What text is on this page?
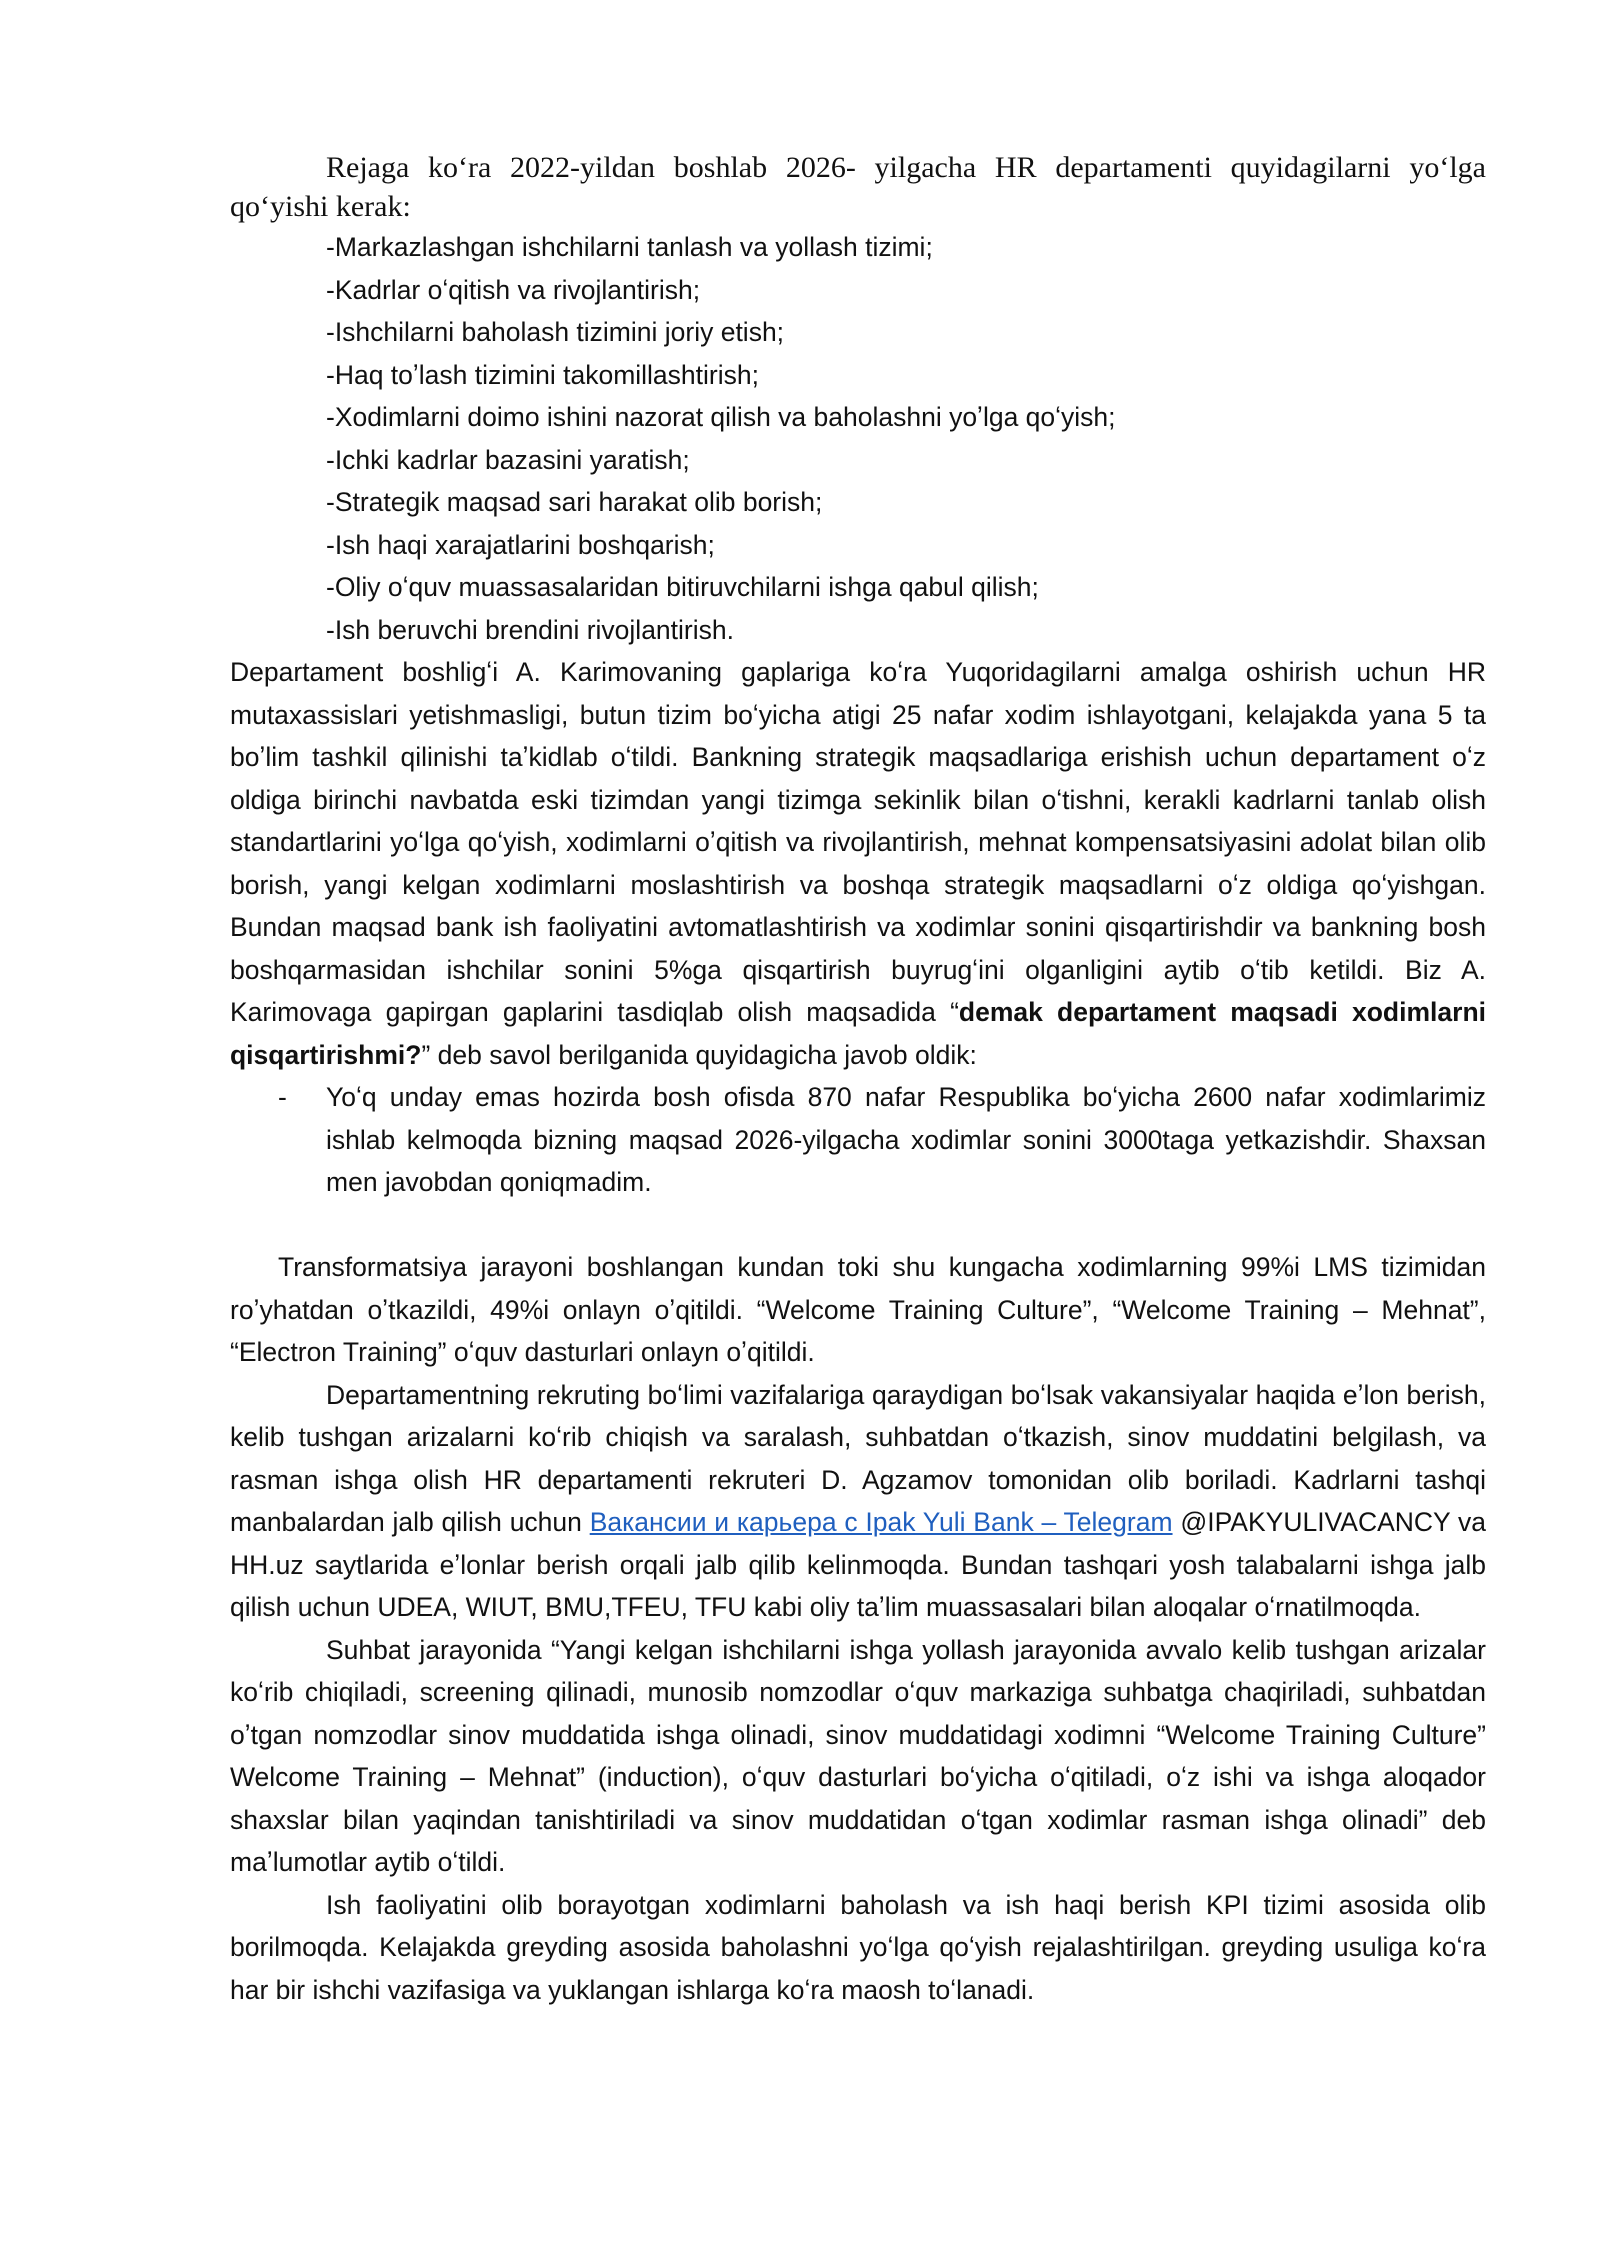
Rejaga koʻra 2022-yildan boshlab 2026- yilgacha HR departamenti quyidagilarni yoʻlga qoʻyishi kerak:

-Markazlashgan ishchilarni tanlash va yollash tizimi;
-Kadrlar oʻqitish va rivojlantirish;
-Ishchilarni baholash tizimini joriy etish;
-Haq toʼlash tizimini takomillashtirish;
-Xodimlarni doimo ishini nazorat qilish va baholashni yoʼlga qoʻyish;
-Ichki kadrlar bazasini yaratish;
-Strategik maqsad sari harakat olib borish;
-Ish haqi xarajatlarini boshqarish;
-Oliy oʻquv muassasalaridan bitiruvchilarni ishga qabul qilish;
-Ish beruvchi brendini rivojlantirish.

Departament boshligʻi A. Karimovaning gaplariga koʻra Yuqoridagilarni amalga oshirish uchun HR mutaxassislari yetishmasligi, butun tizim boʻyicha atigi 25 nafar xodim ishlayotgani, kelajakda yana 5 ta boʼlim tashkil qilinishi taʼkidlab oʻtildi. Bankning strategik maqsadlariga erishish uchun departament oʻz oldiga birinchi navbatda eski tizimdan yangi tizimga sekinlik bilan oʻtishni, kerakli kadrlarni tanlab olish standartlarini yoʻlga qoʻyish, xodimlarni oʼqitish va rivojlantirish, mehnat kompensatsiyasini adolat bilan olib borish, yangi kelgan xodimlarni moslashtirish va boshqa strategik maqsadlarni oʻz oldiga qoʻyishgan. Bundan maqsad bank ish faoliyatini avtomatlashtirish va xodimlar sonini qisqartirishdir va bankning bosh boshqarmasidan ishchilar sonini 5%ga qisqartirish buyrugʻini olganligini aytib oʻtib ketildi. Biz A. Karimovaga gapirgan gaplarini tasdiqlab olish maqsadida “demak departament maqsadi xodimlarni qisqartirishmi?” deb savol berilganida quyidagicha javob oldik:

- Yoʻq unday emas hozirda bosh ofisda 870 nafar Respublika boʻyicha 2600 nafar xodimlarimiz ishlab kelmoqda bizning maqsad 2026-yilgacha xodimlar sonini 3000taga yetkazishdir. Shaxsan men javobdan qoniqmadim.

Transformatsiya jarayoni boshlangan kundan toki shu kungacha xodimlarning 99%i LMS tizimidan roʼyhatdan oʼtkazildi, 49%i onlayn oʼqitildi. “Welcome Training Culture”, “Welcome Training – Mehnat”, “Electron Training” oʻquv dasturlari onlayn oʼqitildi.

Departamentning rekruting boʻlimi vazifalariga qaraydigan boʻlsak vakansiyalar haqida eʼlon berish, kelib tushgan arizalarni koʻrib chiqish va saralash, suhbatdan oʻtkazish, sinov muddatini belgilash, va rasman ishga olish HR departamenti rekruteri D. Agzamov tomonidan olib boriladi. Kadrlarni tashqi manbalardan jalb qilish uchun Вакансии и карьера с Ipak Yuli Bank – Telegram @IPAKYULIVACANCY va HH.uz saytlarida eʼlonlar berish orqali jalb qilib kelinmoqda. Bundan tashqari yosh talabalarni ishga jalb qilish uchun UDEA, WIUT, BMU,TFEU, TFU kabi oliy taʼlim muassasalari bilan aloqalar oʻrnatilmoqda.

Suhbat jarayonida “Yangi kelgan ishchilarni ishga yollash jarayonida avvalo kelib tushgan arizalar koʻrib chiqiladi, screening qilinadi, munosib nomzodlar oʻquv markaziga suhbatga chaqiriladi, suhbatdan oʼtgan nomzodlar sinov muddatida ishga olinadi, sinov muddatidagi xodimni “Welcome Training Culture” Welcome Training – Mehnat” (induction), oʻquv dasturlari boʻyicha oʻqitiladi, oʻz ishi va ishga aloqador shaxslar bilan yaqindan tanishtiriladi va sinov muddatidan oʻtgan xodimlar rasman ishga olinadi” deb maʼlumotlar aytib oʻtildi.

Ish faoliyatini olib borayotgan xodimlarni baholash va ish haqi berish KPI tizimi asosida olib borilmoqda. Kelajakda greyding asosida baholashni yoʻlga qoʻyish rejalashtirilgan. greyding usuliga koʻra har bir ishchi vazifasiga va yuklangan ishlarga koʻra maosh toʻlanadi.
